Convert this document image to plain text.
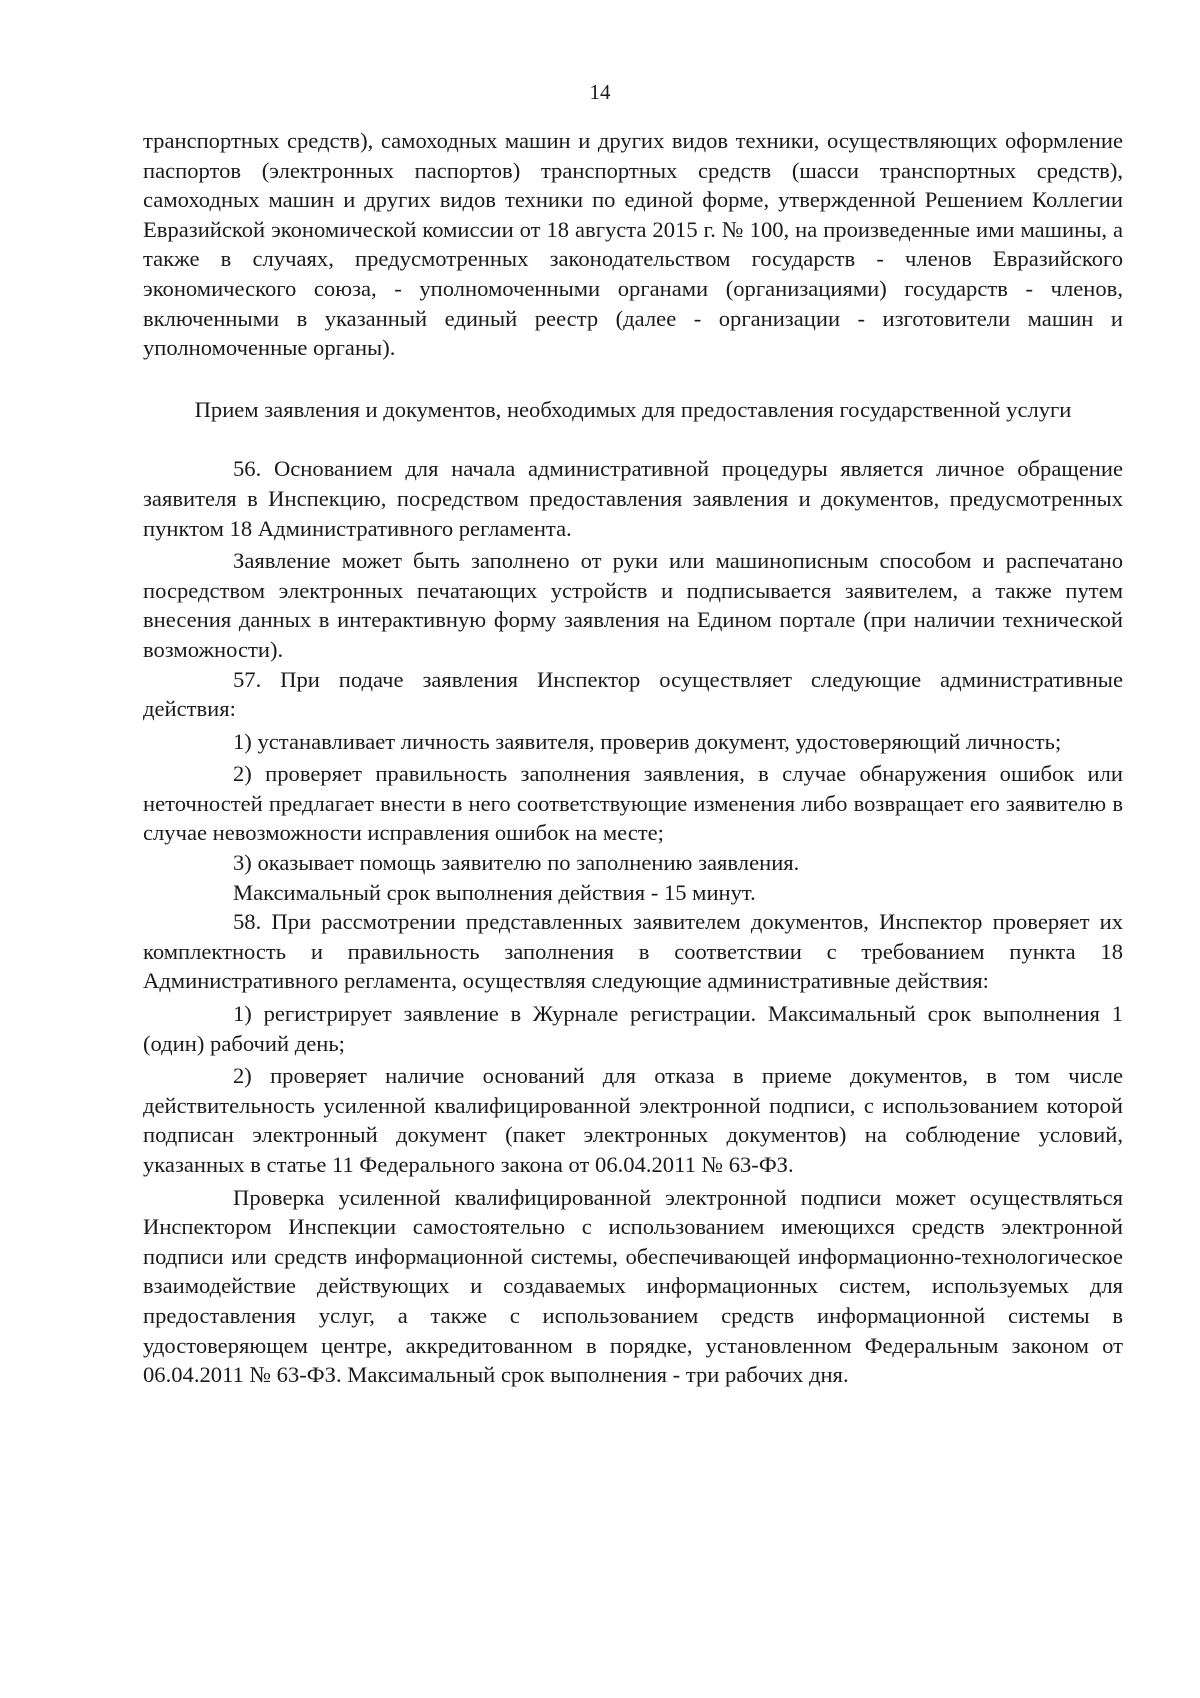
14

транспортных средств), самоходных машин и других видов техники, осуществляющих оформление паспортов (электронных паспортов) транспортных средств (шасси транспортных средств), самоходных машин и других видов техники по единой форме, утвержденной Решением Коллегии Евразийской экономической комиссии от 18 августа 2015 г. № 100, на произведенные ими машины, а также в случаях, предусмотренных законодательством государств - членов Евразийского экономического союза, - уполномоченными органами (организациями) государств - членов, включенными в указанный единый реестр (далее - организации - изготовители машин и уполномоченные органы).

Прием заявления и документов, необходимых для предоставления государственной услуги

56. Основанием для начала административной процедуры является личное обращение заявителя в Инспекцию, посредством предоставления заявления и документов, предусмотренных пунктом 18 Административного регламента.

Заявление может быть заполнено от руки или машинописным способом и распечатано посредством электронных печатающих устройств и подписывается заявителем, а также путем внесения данных в интерактивную форму заявления на Едином портале (при наличии технической возможности).

57. При подаче заявления Инспектор осуществляет следующие административные действия:

1) устанавливает личность заявителя, проверив документ, удостоверяющий личность;

2) проверяет правильность заполнения заявления, в случае обнаружения ошибок или неточностей предлагает внести в него соответствующие изменения либо возвращает его заявителю в случае невозможности исправления ошибок на месте;

3) оказывает помощь заявителю по заполнению заявления.

Максимальный срок выполнения действия - 15 минут.

58. При рассмотрении представленных заявителем документов, Инспектор проверяет их комплектность и правильность заполнения в соответствии с требованием пункта 18 Административного регламента, осуществляя следующие административные действия:

1) регистрирует заявление в Журнале регистрации. Максимальный срок выполнения 1 (один) рабочий день;

2) проверяет наличие оснований для отказа в приеме документов, в том числе действительность усиленной квалифицированной электронной подписи, с использованием которой подписан электронный документ (пакет электронных документов) на соблюдение условий, указанных в статье 11 Федерального закона от 06.04.2011 № 63-ФЗ.

Проверка усиленной квалифицированной электронной подписи может осуществляться Инспектором Инспекции самостоятельно с использованием имеющихся средств электронной подписи или средств информационной системы, обеспечивающей информационно-технологическое взаимодействие действующих и создаваемых информационных систем, используемых для предоставления услуг, а также с использованием средств информационной системы в удостоверяющем центре, аккредитованном в порядке, установленном Федеральным законом от 06.04.2011 № 63-ФЗ. Максимальный срок выполнения - три рабочих дня.
